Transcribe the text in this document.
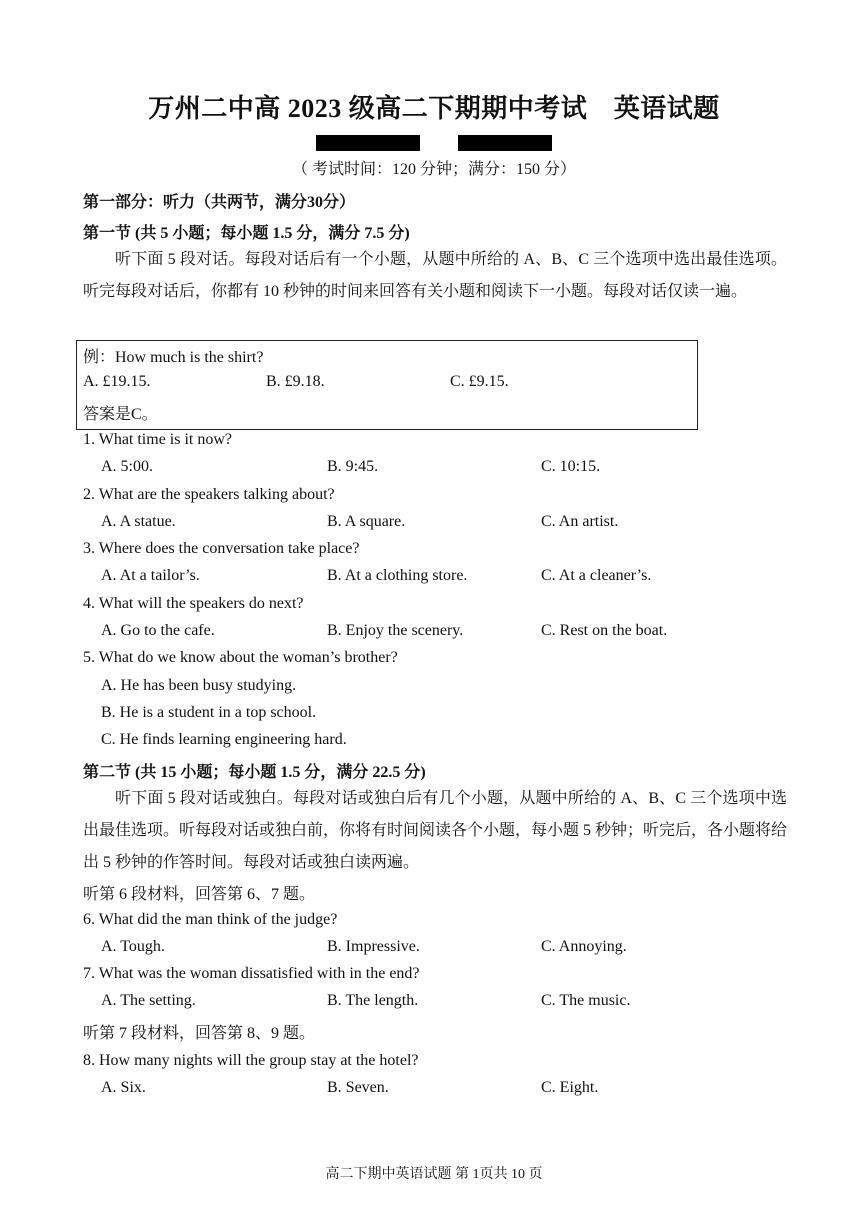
万州二中高 2023 级高二下期期中考试　英语试题
（ 考试时间：120 分钟；满分：150 分）
第一部分：听力（共两节，满分30分）
第一节 (共 5 小题；每小题 1.5 分，满分 7.5 分)
听下面 5 段对话。每段对话后有一个小题，从题中所给的 A、B、C 三个选项中选出最佳选项。听完每段对话后，你都有 10 秒钟的时间来回答有关小题和阅读下一小题。每段对话仅读一遍。
例：How much is the shirt?
A. £19.15.	B. £9.18.	C. £9.15.
答案是C。
1. What time is it now?
A. 5:00.	B. 9:45.	C. 10:15.
2. What are the speakers talking about?
A. A statue.	B. A square.	C. An artist.
3. Where does the conversation take place?
A. At a tailor’s.	B. At a clothing store.	C. At a cleaner’s.
4. What will the speakers do next?
A. Go to the cafe.	B. Enjoy the scenery.	C. Rest on the boat.
5. What do we know about the woman’s brother?
A. He has been busy studying.
B. He is a student in a top school.
C. He finds learning engineering hard.
第二节 (共 15 小题；每小题 1.5 分，满分 22.5 分)
听下面 5 段对话或独白。每段对话或独白后有几个小题，从题中所给的 A、B、C 三个选项中选出最佳选项。听每段对话或独白前，你将有时间阅读各个小题，每小题 5 秒钟；听完后，各小题将给出 5 秒钟的作答时间。每段对话或独白读两遍。
听第 6 段材料，回答第 6、7 题。
6. What did the man think of the judge?
A. Tough.	B. Impressive.	C. Annoying.
7. What was the woman dissatisfied with in the end?
A. The setting.	B. The length.	C. The music.
听第 7 段材料，回答第 8、9 题。
8. How many nights will the group stay at the hotel?
A. Six.	B. Seven.	C. Eight.
高二下期中英语试题 第 1页共 10 页
